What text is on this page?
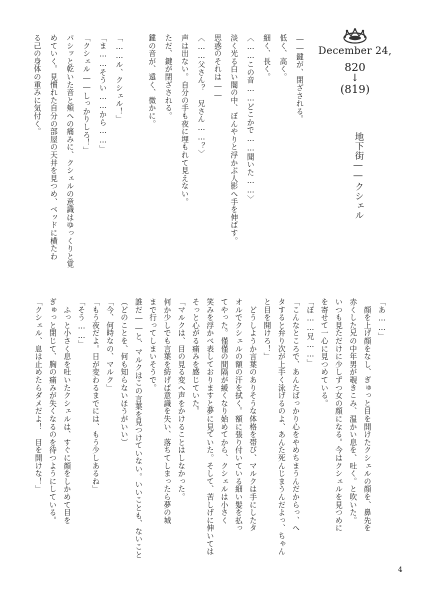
December 24,
820
↓
(819)
地下街――クシェル
――鍵が、閉ざされる。
低く、高く。
細く、長く。
〈……この音……どこかで……聞いた……〉
淡く光る白い闇の中、ぼんやりと浮かぶ人影へ手を伸ばす。
思惑のそれは――
〈……父さん？　兄さん……？〉
声は出ない。自分の手も夜に埋もれて見えない。
ただ、鍵が閉ざされる。
鍵の音が、遠く、微かに。
「……ル、クシェル！」
「ま……そうい……から……」
「クシェル――しっかりしろ！」
パシッと乾いた音と頬への痛みに、クシェルの意識はゆっくりと覚
めていく。見慣れた自分の部屋の天井を見つめ、ベッドに横たわ
る己の身体の重みに気付く。
「あ……」
　顔を上げ顔をなし、ぎゅっと目を開けたクシェルの顔を、鼻先を
赤くした兄の中年男が覗きこみ、温かい息を、吐く。と吹いた。
いつも見ただけに少しずつ女の顔になる。今はクシェルを見つめに
を寄せて一心に見つめている。
「ぼ……兄……」
「こんなところで、あんたばっかり心をやめちまうんだからっ、へ
タすると弁り次が上手く泳げるのよ、あんた死んじまうんだよっ、ちゃん
と目を開けろ！」
　どうしようか言葉のありそうな体格を帯び、マルクは手にしたタ
オルでクシェルの額の汗を拭く。額に張り付いている細い髪を払っ
てやった。僅僅の間隔が緩くなり始めてから、クシェルは小さく
笑みを浮かべ表しておりますと夢に見ていた。そして、苦しげに伸いては
そっと心がる痛みを感じていた。
「マルクは、目の見る変へ声をかけることはしなかった。
何か少しでも言葉を紡げば意識を失い、落ちてしまったら夢の城
まで行ってしまいそうで。
誰だ――と、マルクはこの言葉を見つけていない。いいことも、ないこと
（どのことを、何も知らないほうがいい）
「今、何時なの、マルク」
「もう夜だよ。日が変わるまでには、もう少しあるね」
「そう……」
　ふっと小さく息を吐いたクシェルは、すぐに顔をしかめて目を
ぎゅっと閉じて、胸の痛みが失くなるのを待つようにしている。
「クシェル、息は止めたらダメだよ！　目を開けな！」
4
